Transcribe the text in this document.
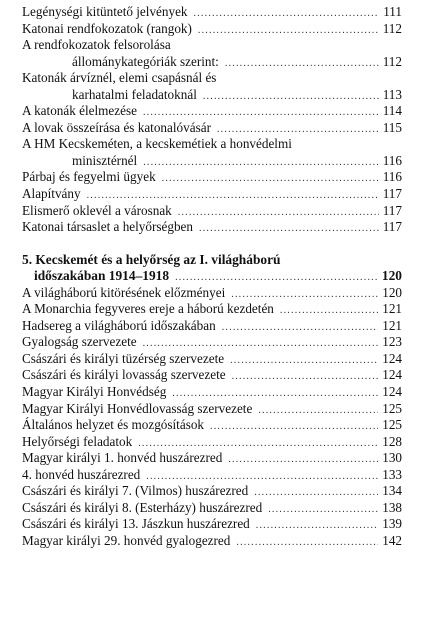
Legénységi kitüntető jelvények .....	111
Katonai rendfokozatok (rangok) .....	112
A rendfokozatok felsorolása
állománykategóriák szerint: .....	112
Katonák árvíznél, elemi csapásnál és
karhatalmi feladatoknál .....	113
A katonák élelmezése .....	114
A lovak összeírása és katonalóvásár .....	115
A HM Kecskeméten, a kecskemétiek a honvédelmi
minisztérnél .....	116
Párbaj és fegyelmi ügyek .....	116
Alapítvány .....	117
Elismerő oklevél a városnak .....	117
Katonai társaslet a helyőrségben .....	117
5. Kecskemét és a helyőrség az I. világháború
időszakában 1914–1918 .....	120
A világháború kitörésének előzményei .....	120
A Monarchia fegyveres ereje a háború kezdetén .....	121
Hadsereg a világháború időszakában .....	121
Gyalogság szervezete .....	123
Császári és királyi tüzérség szervezete .....	124
Császári és királyi lovasság szervezete .....	124
Magyar Királyi Honvédség .....	124
Magyar Királyi Honvédlovasság szervezete .....	125
Általános helyzet és mozgósítások .....	125
Helyőrségi feladatok .....	128
Magyar királyi 1. honvéd huszárezred .....	130
4. honvéd huszárezred .....	133
Császári és királyi 7. (Vilmos) huszárezred .....	134
Császári és királyi 8. (Esterházy) huszárezred .....	138
Császári és királyi 13. Jászkun huszárezred .....	139
Magyar királyi 29. honvéd gyalogezred .....	142
